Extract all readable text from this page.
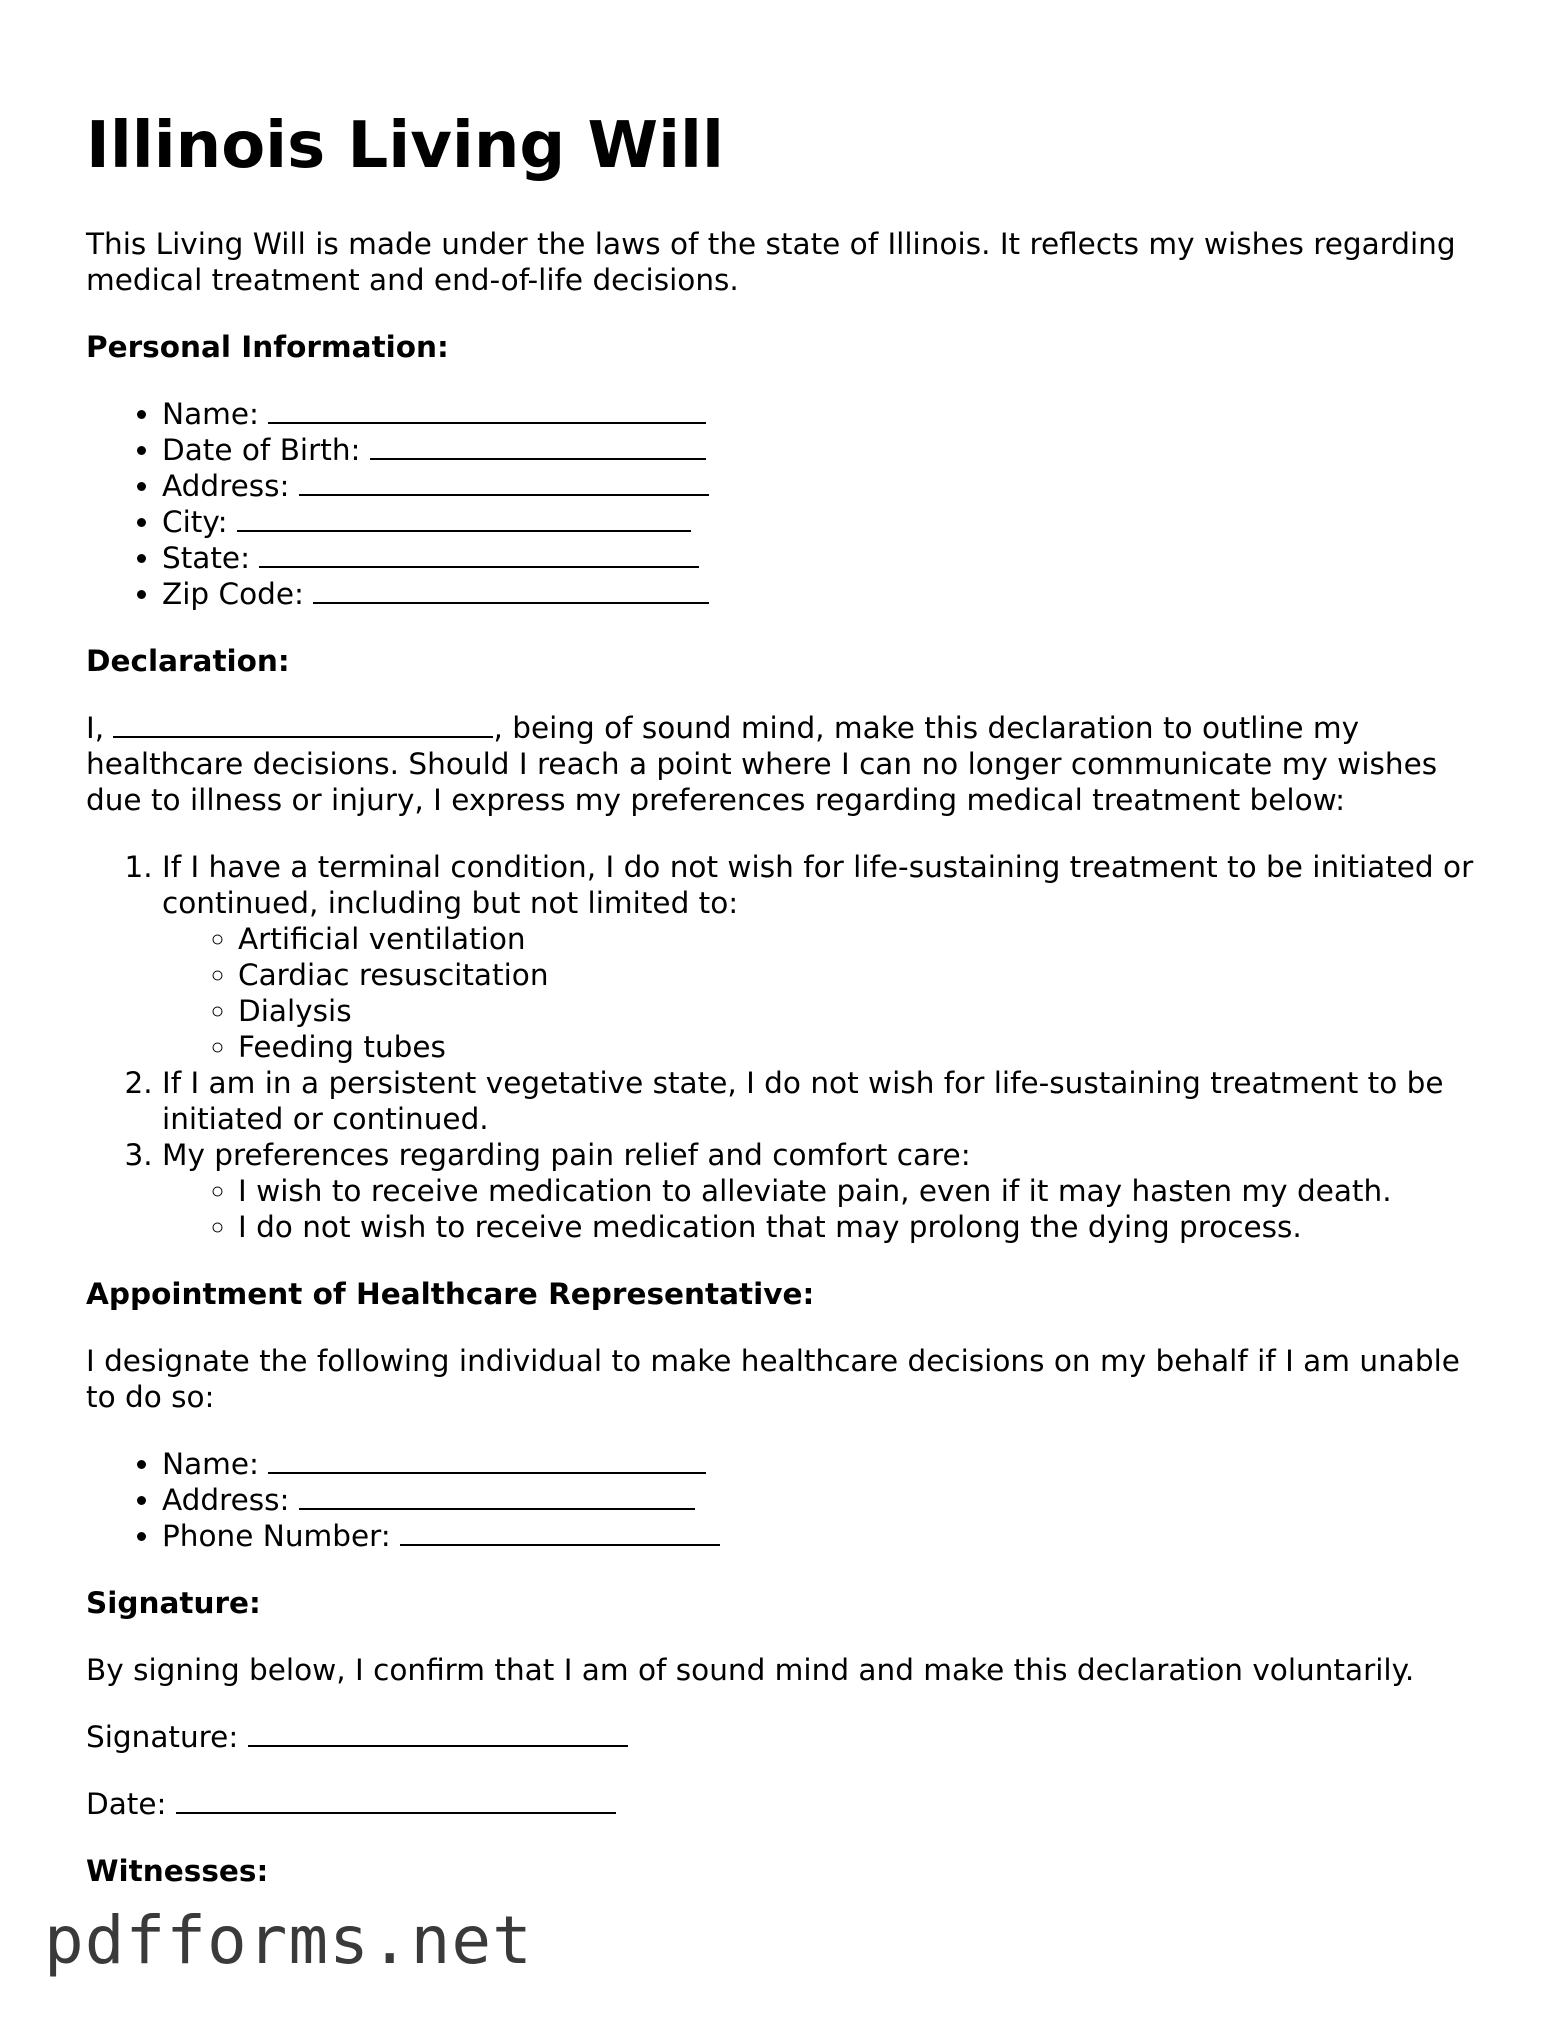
Illinois Living Will

This Living Will is made under the laws of the state of Illinois. It reflects my wishes regarding medical treatment and end-of-life decisions.

Personal Information:
• Name:
• Date of Birth:
• Address:
• City:
• State:
• Zip Code:
Declaration:

I,	, being of sound mind, make this declaration to outline my healthcare decisions. Should I reach a point where I can no longer communicate my wishes due to illness or injury, I express my preferences regarding medical treatment below:

1. If I have a terminal condition, I do not wish for life-sustaining treatment to be initiated or continued, including but not limited to:
◦ Artificial ventilation
◦ Cardiac resuscitation
◦ Dialysis
◦ Feeding tubes
2. If I am in a persistent vegetative state, I do not wish for life-sustaining treatment to be initiated or continued.
3. My preferences regarding pain relief and comfort care:
◦ I wish to receive medication to alleviate pain, even if it may hasten my death.
◦ I do not wish to receive medication that may prolong the dying process.
Appointment of Healthcare Representative:

I designate the following individual to make healthcare decisions on my behalf if I am unable to do so:

• Name:
• Address:
• Phone Number:
Signature:

By signing below, I confirm that I am of sound mind and make this declaration voluntarily.

Signature:

Date:

Witnesses:
pdfforms.net
